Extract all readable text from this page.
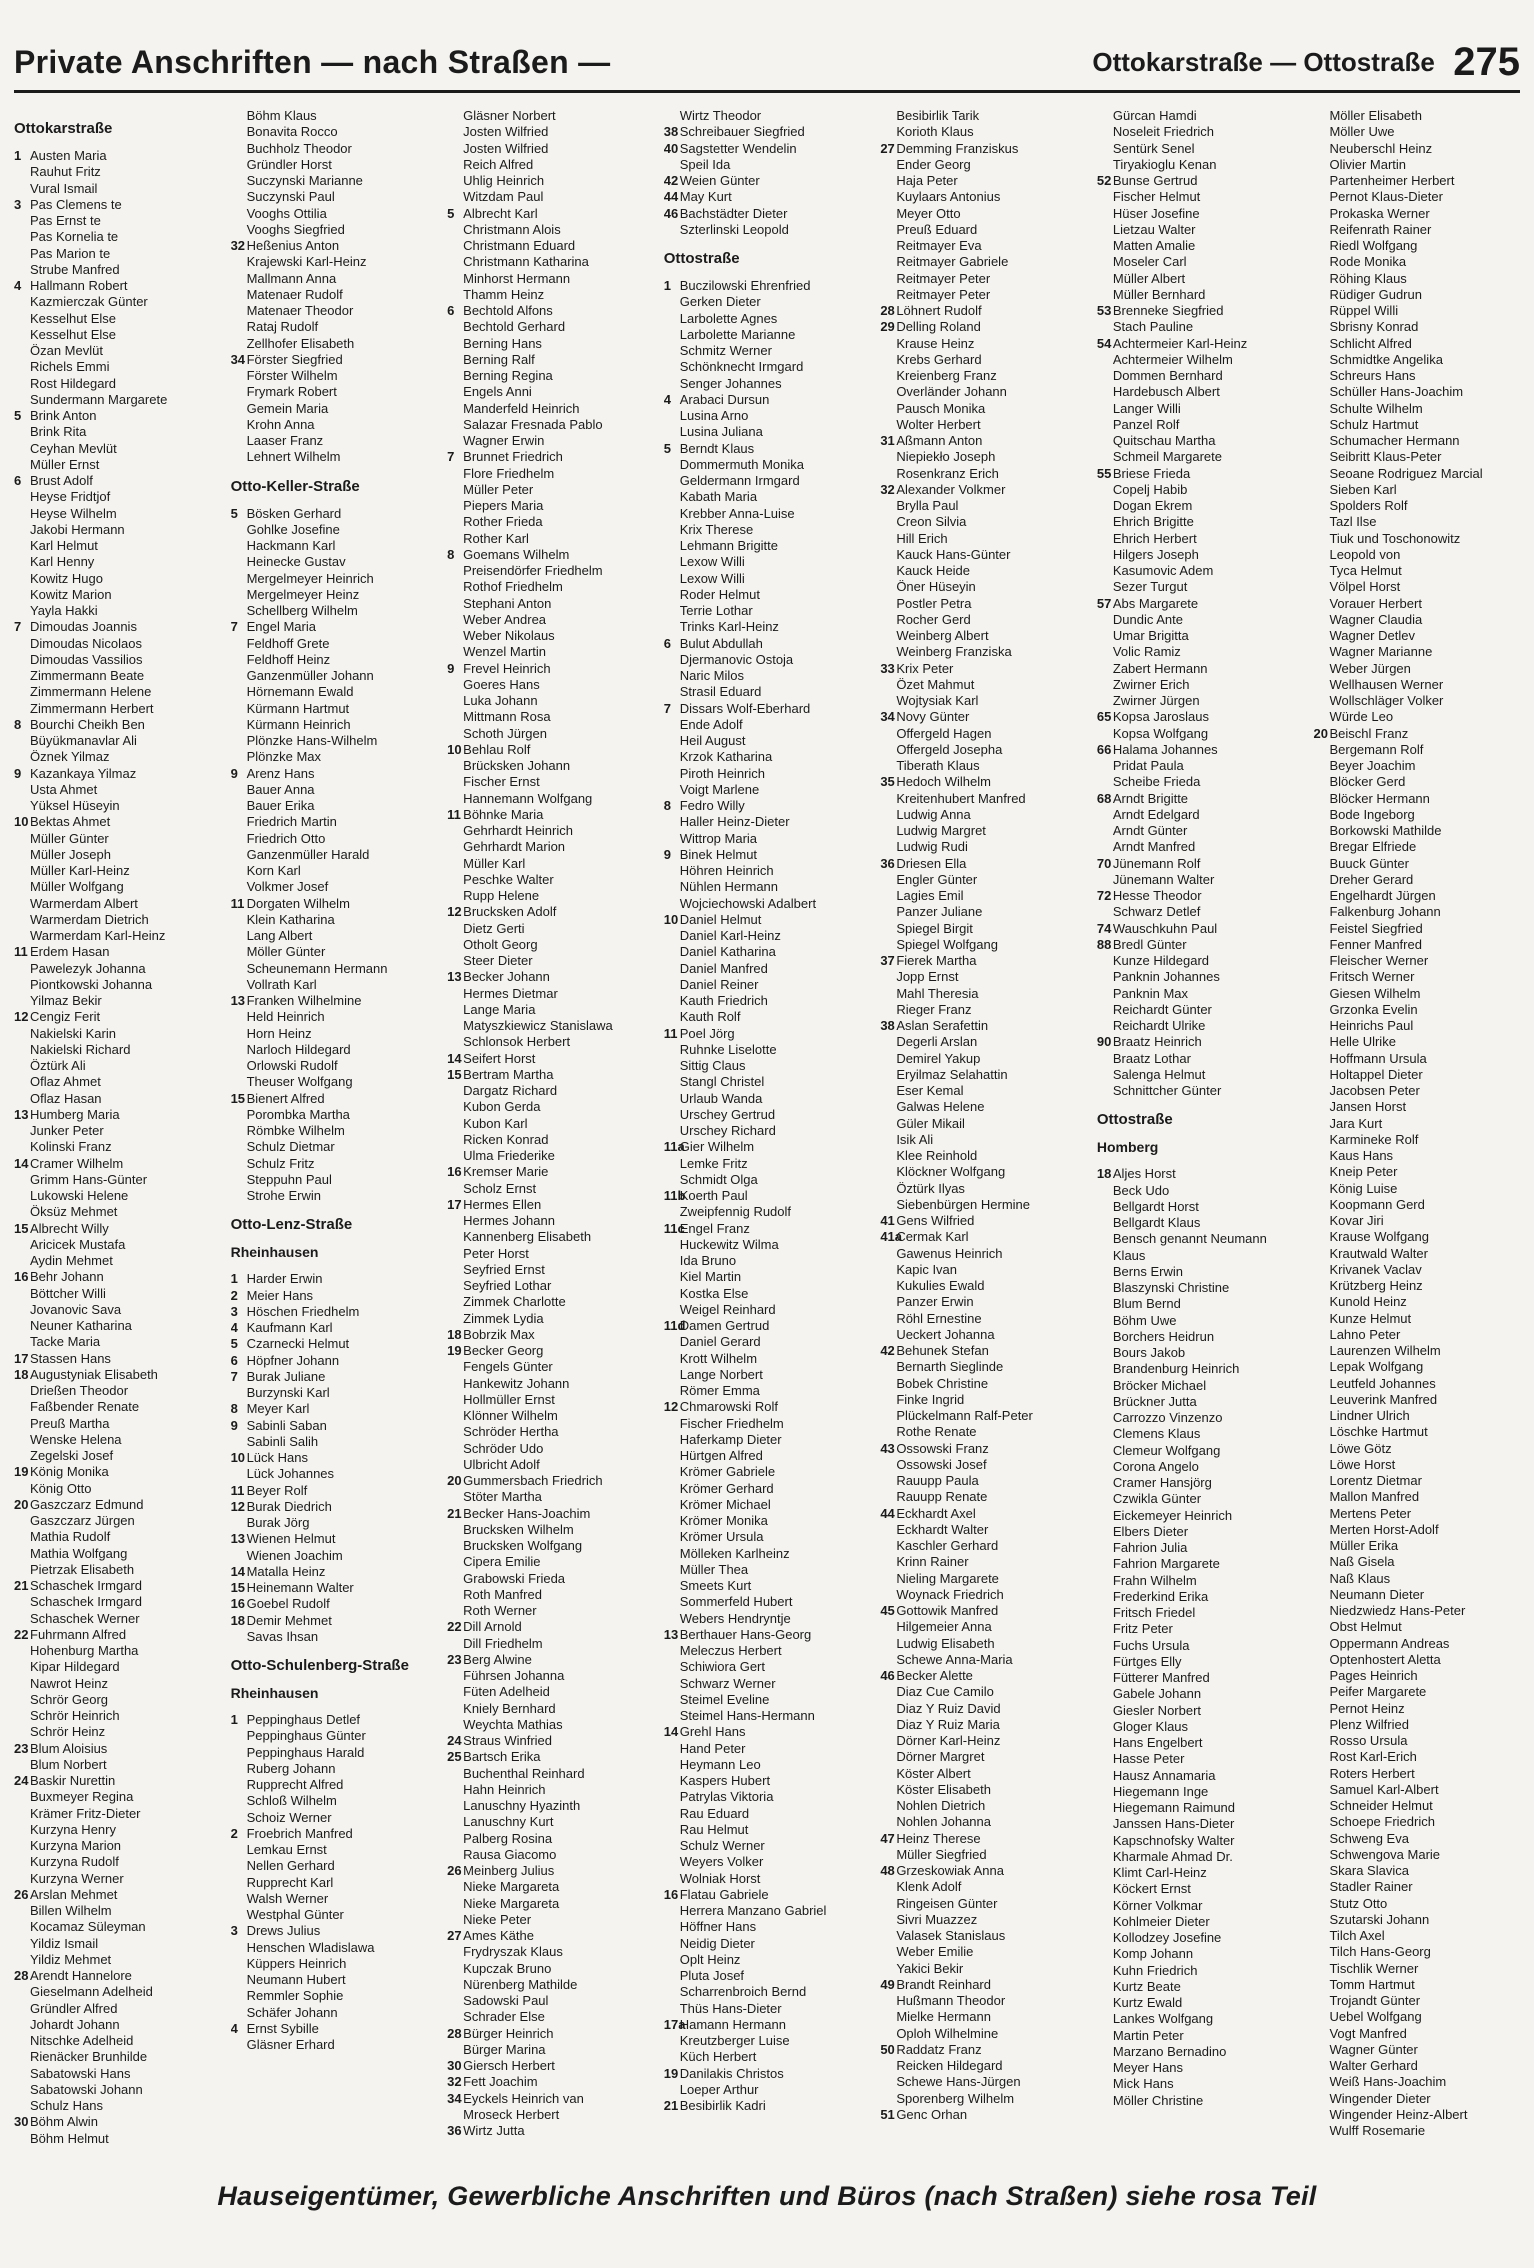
Private Anschriften — nach Straßen —	Ottokarstraße — Ottostraße 275
Ottokarstraße
1 Austen Maria
Rauhut Fritz
Vural Ismail
3 Pas Clemens te
Pas Ernst te
Pas Kornelia te
Pas Marion te
Strube Manfred
4 Hallmann Robert
Kazmierczak Günter
Kesselhut Else
Kesselhut Else
Özan Mevlüt
Richels Emmi
Rost Hildegard
Sundermann Margarete
5 Brink Anton
Brink Rita
Ceyhan Mevlüt
Müller Ernst
6 Brust Adolf
Heyse Fridtjof
Heyse Wilhelm
Jakobi Hermann
Karl Helmut
Karl Henny
Kowitz Hugo
Kowitz Marion
Yayla Hakki
7 Dimoudas Joannis
Dimoudas Nicolaos
Dimoudas Vassilios
Zimmermann Beate
Zimmermann Helene
Zimmermann Herbert
8 Bourchi Cheikh Ben
Büyükmanavlar Ali
Öznek Yilmaz
9 Kazankaya Yilmaz
Usta Ahmet
Yüksel Hüseyin
10 Bektas Ahmet
Müller Günter
Müller Joseph
Müller Karl-Heinz
Müller Wolfgang
Warmerdam Albert
Warmerdam Dietrich
Warmerdam Karl-Heinz
11 Erdem Hasan
Pawelezyk Johanna
Piontkowski Johanna
Yilmaz Bekir
12 Cengiz Ferit
Nakielski Karin
Nakielski Richard
Öztürk Ali
Oflaz Ahmet
Oflaz Hasan
13 Humberg Maria
Junker Peter
Kolinski Franz
14 Cramer Wilhelm
Grimm Hans-Günter
Lukowski Helene
Öksüz Mehmet
15 Albrecht Willy
Aricicek Mustafa
Aydin Mehmet
16 Behr Johann
Böttcher Willi
Jovanovic Sava
Neuner Katharina
Tacke Maria
17 Stassen Hans
18 Augustyniak Elisabeth
Drießen Theodor
Faßbender Renate
Preuß Martha
Wenske Helena
Zegelski Josef
19 König Monika
König Otto
20 Gaszczarz Edmund
Gaszczarz Jürgen
Mathia Rudolf
Mathia Wolfgang
Pietrzak Elisabeth
21 Schaschek Irmgard
Schaschek Irmgard
Schaschek Werner
22 Fuhrmann Alfred
Hohenburg Martha
Kipar Hildegard
Nawrot Heinz
Schrör Georg
Schrör Heinrich
Schrör Heinz
23 Blum Aloisius
Blum Norbert
24 Baskir Nurettin
Buxmeyer Regina
Krämer Fritz-Dieter
Kurzyna Henry
Kurzyna Marion
Kurzyna Rudolf
Kurzyna Werner
26 Arslan Mehmet
Billen Wilhelm
Kocamaz Süleyman
Yildiz Ismail
Yildiz Mehmet
28 Arendt Hannelore
Gieselmann Adelheid
Gründler Alfred
Johardt Johann
Nitschke Adelheid
Rienäcker Brunhilde
Sabatowski Hans
Sabatowski Johann
Schulz Hans
30 Böhm Alwin
Böhm Helmut
Böhm Klaus
Bonavita Rocco
Buchholz Theodor
Gründler Horst
Suczynski Marianne
Suczynski Paul
Vooghs Ottilia
Vooghs Siegfried
32 Heßenius Anton
Krajewski Karl-Heinz
Mallmann Anna
Matenaer Rudolf
Matenaer Theodor
Rataj Rudolf
Zellhofer Elisabeth
34 Förster Siegfried
Förster Wilhelm
Frymark Robert
Gemein Maria
Krohn Anna
Laaser Franz
Lehnert Wilhelm
Otto-Keller-Straße
5 Bösken Gerhard
Gohlke Josefine
Hackmann Karl
Heinecke Gustav
Mergelmeyer Heinrich
Mergelmeyer Heinz
Schellberg Wilhelm
7 Engel Maria
Feldhoff Grete
Feldhoff Heinz
Ganzenmüller Johann
Hörnemann Ewald
Kürmann Hartmut
Kürmann Heinrich
Plönzke Hans-Wilhelm
Plönzke Max
9 Arenz Hans
Bauer Anna
Bauer Erika
Friedrich Martin
Friedrich Otto
Ganzenmüller Harald
Korn Karl
Volkmer Josef
11 Dorgaten Wilhelm
Klein Katharina
Lang Albert
Möller Günter
Scheunemann Hermann
Vollrath Karl
13 Franken Wilhelmine
Held Heinrich
Horn Heinz
Narloch Hildegard
Orlowski Rudolf
Theuser Wolfgang
15 Bienert Alfred
Porombka Martha
Römbke Wilhelm
Schulz Dietmar
Schulz Fritz
Steppuhn Paul
Strohe Erwin
Otto-Lenz-Straße
Rheinhausen
1 Harder Erwin
2 Meier Hans
3 Höschen Friedhelm
4 Kaufmann Karl
5 Czarnecki Helmut
6 Höpfner Johann
7 Burak Juliane
Burzynski Karl
8 Meyer Karl
9 Sabinli Saban
Sabinli Salih
10 Lück Hans
Lück Johannes
11 Beyer Rolf
12 Burak Diedrich
Burak Jörg
13 Wienen Helmut
Wienen Joachim
14 Matalla Heinz
15 Heinemann Walter
16 Goebel Rudolf
18 Demir Mehmet
Savas Ihsan
Otto-Schulenberg-Straße
Rheinhausen
1 Peppinghaus Detlef
Peppinghaus Günter
Peppinghaus Harald
Ruberg Johann
Rupprecht Alfred
Schloß Wilhelm
Schoiz Werner
2 Froebrich Manfred
Lemkau Ernst
Nellen Gerhard
Rupprecht Karl
Walsh Werner
Westphal Günter
3 Drews Julius
Henschen Wladislawa
Küppers Heinrich
Neumann Hubert
Remmler Sophie
Schäfer Johann
4 Ernst Sybille
Gläsner Erhard
Gläsner Norbert
Josten Wilfried
Josten Wilfried
Reich Alfred
Uhlig Heinrich
Witzdam Paul
5 Albrecht Karl
Christmann Alois
Christmann Eduard
Christmann Katharina
Minhorst Hermann
Thamm Heinz
6 Bechtold Alfons
Bechtold Gerhard
Berning Hans
Berning Ralf
Berning Regina
Engels Anni
Manderfeld Heinrich
Salazar Fresnada Pablo
Wagner Erwin
7 Brunnet Friedrich
Flore Friedhelm
Müller Peter
Piepers Maria
Rother Frieda
Rother Karl
8 Goemans Wilhelm
Preisendörfer Friedhelm
Rothof Friedhelm
Stephani Anton
Weber Andrea
Weber Nikolaus
Wenzel Martin
9 Frevel Heinrich
Goeres Hans
Luka Johann
Mittmann Rosa
Schoth Jürgen
10 Behlau Rolf
Brücksken Johann
Fischer Ernst
Hannemann Wolfgang
11 Böhnke Maria
Gehrhardt Heinrich
Gehrhardt Marion
Müller Karl
Peschke Walter
Rupp Helene
12 Brucksken Adolf
Dietz Gerti
Otholt Georg
Steer Dieter
13 Becker Johann
Hermes Dietmar
Lange Maria
Matyszkiewicz Stanislawa
Schlonsok Herbert
14 Seifert Horst
15 Bertram Martha
Dargatz Richard
Kubon Gerda
Kubon Karl
Ricken Konrad
Ulma Friederike
16 Kremser Marie
Scholz Ernst
17 Hermes Ellen
Hermes Johann
Kannenberg Elisabeth
Peter Horst
Seyfried Ernst
Seyfried Lothar
Zimmek Charlotte
Zimmek Lydia
18 Bobrzik Max
19 Becker Georg
Fengels Günter
Hankewitz Johann
Hollmüller Ernst
Klönner Wilhelm
Schröder Hertha
Schröder Udo
Ulbricht Adolf
20 Gummersbach Friedrich
Stöter Martha
21 Becker Hans-Joachim
Brucksken Wilhelm
Brucksken Wolfgang
Cipera Emilie
Grabowski Frieda
Roth Manfred
Roth Werner
22 Dill Arnold
Dill Friedhelm
23 Berg Alwine
Führsen Johanna
Füten Adelheid
Kniely Bernhard
Weychta Mathias
24 Straus Winfried
25 Bartsch Erika
Buchenthal Reinhard
Hahn Heinrich
Lanuschny Hyazinth
Lanuschny Kurt
Palberg Rosina
Rausa Giacomo
26 Meinberg Julius
Nieke Margareta
Nieke Margareta
Nieke Peter
27 Ames Käthe
Frydryszak Klaus
Kupczak Bruno
Nürenberg Mathilde
Sadowski Paul
Schrader Else
28 Bürger Heinrich
Bürger Marina
30 Giersch Herbert
32 Fett Joachim
34 Eyckels Heinrich van
Mroseck Herbert
36 Wirtz Jutta
Wirtz Theodor
38 Schreibauer Siegfried
40 Sagstetter Wendelin
Speil Ida
42 Weien Günter
44 May Kurt
46 Bachstädter Dieter
Szterlinski Leopold
Ottostraße
1 Buczilowski Ehrenfried
Gerken Dieter
Larbolette Agnes
Larbolette Marianne
Schmitz Werner
Schönknecht Irmgard
Senger Johannes
4 Arabaci Dursun
Lusina Arno
Lusina Juliana
5 Berndt Klaus
Dommermuth Monika
Geldermann Irmgard
Kabath Maria
Krebber Anna-Luise
Krix Therese
Lehmann Brigitte
Lexow Willi
Lexow Willi
Roder Helmut
Terrie Lothar
Trinks Karl-Heinz
6 Bulut Abdullah
Djermanovic Ostoja
Naric Milos
Strasil Eduard
7 Dissars Wolf-Eberhard
Ende Adolf
Heil August
Krzok Katharina
Piroth Heinrich
Voigt Marlene
8 Fedro Willy
Haller Heinz-Dieter
Wittrop Maria
9 Binek Helmut
Höhren Heinrich
Nühlen Hermann
Wojciechowski Adalbert
10 Daniel Helmut
Daniel Karl-Heinz
Daniel Katharina
Daniel Manfred
Daniel Reiner
Kauth Friedrich
Kauth Rolf
11 Poel Jörg
Ruhnke Liselotte
Sittig Claus
Stangl Christel
Urlaub Wanda
Urschey Gertrud
Urschey Richard
11a
Gier Wilhelm
Lemke Fritz
Schmidt Olga
11b
Koerth Paul
Zweipfennig Rudolf
11c
Engel Franz
Huckewitz Wilma
Ida Bruno
Kiel Martin
Kostka Else
Weigel Reinhard
11d
Damen Gertrud
Daniel Gerard
Krott Wilhelm
Lange Norbert
Römer Emma
12 Chmarowski Rolf
Fischer Friedhelm
Haferkamp Dieter
Hürtgen Alfred
Krömer Gabriele
Krömer Gerhard
Krömer Michael
Krömer Monika
Krömer Ursula
Mölleken Karlheinz
Müller Thea
Smeets Kurt
Sommerfeld Hubert
Webers Hendryntje
13 Berthauer Hans-Georg
Meleczus Herbert
Schiwiora Gert
Schwarz Werner
Steimel Eveline
Steimel Hans-Hermann
14 Grehl Hans
Hand Peter
Heymann Leo
Kaspers Hubert
Patrylas Viktoria
Rau Eduard
Rau Helmut
Schulz Werner
Weyers Volker
Wolniak Horst
16 Flatau Gabriele
Herrera Manzano Gabriel
Höffner Hans
Neidig Dieter
Oplt Heinz
Pluta Josef
Scharrenbroich Bernd
Thüs Hans-Dieter
17a
Hamann Hermann
Kreutzberger Luise
Küch Herbert
19 Danilakis Christos
Loeper Arthur
21 Besibirlik Kadri
Besibirlik Tarik
Korioth Klaus
27 Demming Franziskus
Ender Georg
Haja Peter
Kuylaars Antonius
Meyer Otto
Preuß Eduard
Reitmayer Eva
Reitmayer Gabriele
Reitmayer Peter
Reitmayer Peter
28 Löhnert Rudolf
29 Delling Roland
Krause Heinz
Krebs Gerhard
Kreienberg Franz
Overländer Johann
Pausch Monika
Wolter Herbert
31 Aßmann Anton
Niepiekło Joseph
Rosenkranz Erich
32 Alexander Volkmer
Brylla Paul
Creon Silvia
Hill Erich
Kauck Hans-Günter
Kauck Heide
Öner Hüseyin
Postler Petra
Rocher Gerd
Weinberg Albert
Weinberg Franziska
33 Krix Peter
Özet Mahmut
Wojtysiak Karl
34 Novy Günter
Offergeld Hagen
Offergeld Josepha
Tiberath Klaus
35 Hedoch Wilhelm
Kreitenhubert Manfred
Ludwig Anna
Ludwig Margret
Ludwig Rudi
36 Driesen Ella
Engler Günter
Lagies Emil
Panzer Juliane
Spiegel Birgit
Spiegel Wolfgang
37 Fierek Martha
Jopp Ernst
Mahl Theresia
Rieger Franz
38 Aslan Serafettin
Degerli Arslan
Demirel Yakup
Eryilmaz Selahattin
Eser Kemal
Galwas Helene
Güler Mikail
Isik Ali
Klee Reinhold
Klöckner Wolfgang
Öztürk Ilyas
Siebenbürgen Hermine
41 Gens Wilfried
41a
Cermak Karl
Gawenus Heinrich
Kapic Ivan
Kukulies Ewald
Panzer Erwin
Röhl Ernestine
Ueckert Johanna
42 Behunek Stefan
Bernarth Sieglinde
Bobek Christine
Finke Ingrid
Plückelmann Ralf-Peter
Rothe Renate
43 Ossowski Franz
Ossowski Josef
Rauupp Paula
Rauupp Renate
44 Eckhardt Axel
Eckhardt Walter
Kaschler Gerhard
Krinn Rainer
Nieling Margarete
Woynack Friedrich
45 Gottowik Manfred
Hilgemeier Anna
Ludwig Elisabeth
Schewe Anna-Maria
46 Becker Alette
Diaz Cue Camilo
Diaz Y Ruiz David
Diaz Y Ruiz Maria
Dörner Karl-Heinz
Dörner Margret
Köster Albert
Köster Elisabeth
Nohlen Dietrich
Nohlen Johanna
47 Heinz Therese
Müller Siegfried
48 Grzeskowiak Anna
Klenk Adolf
Ringeisen Günter
Sivri Muazzez
Valasek Stanislaus
Weber Emilie
Yakici Bekir
49 Brandt Reinhard
Hußmann Theodor
Mielke Hermann
Oploh Wilhelmine
50 Raddatz Franz
Reicken Hildegard
Schewe Hans-Jürgen
Sporenberg Wilhelm
51 Genc Orhan
Gürcan Hamdi
Noseleit Friedrich
Sentürk Senel
Tiryakioglu Kenan
52 Bunse Gertrud
Fischer Helmut
Hüser Josefine
Lietzau Walter
Matten Amalie
Moseler Carl
Müller Albert
Müller Bernhard
53 Brenneke Siegfried
Stach Pauline
54 Achtermeier Karl-Heinz
Achtermeier Wilhelm
Dommen Bernhard
Hardebusch Albert
Langer Willi
Panzel Rolf
Quitschau Martha
Schmeil Margarete
55 Briese Frieda
Copelj Habib
Dogan Ekrem
Ehrich Brigitte
Ehrich Herbert
Hilgers Joseph
Kasumovic Adem
Sezer Turgut
57 Abs Margarete
Dundic Ante
Umar Brigitta
Volic Ramiz
Zabert Hermann
Zwirner Erich
Zwirner Jürgen
65 Kopsa Jaroslaus
Kopsa Wolfgang
66 Halama Johannes
Pridat Paula
Scheibe Frieda
68 Arndt Brigitte
Arndt Edelgard
Arndt Günter
Arndt Manfred
70 Jünemann Rolf
Jünemann Walter
72 Hesse Theodor
Schwarz Detlef
74 Wauschkuhn Paul
88 Bredl Günter
Kunze Hildegard
Panknin Johannes
Panknin Max
Reichardt Günter
Reichardt Ulrike
90 Braatz Heinrich
Braatz Lothar
Salenga Helmut
Schnittcher Günter
Ottostraße
Homberg
18 Aljes Horst
Beck Udo
Bellgardt Horst
Bellgardt Klaus
Bensch genannt Neumann
Klaus
Berns Erwin
Blaszynski Christine
Blum Bernd
Böhm Uwe
Borchers Heidrun
Bours Jakob
Brandenburg Heinrich
Bröcker Michael
Brückner Jutta
Carrozzo Vinzenzo
Clemens Klaus
Clemeur Wolfgang
Corona Angelo
Cramer Hansjörg
Czwikla Günter
Eickemeyer Heinrich
Elbers Dieter
Fahrion Julia
Fahrion Margarete
Frahn Wilhelm
Frederkind Erika
Fritsch Friedel
Fritz Peter
Fuchs Ursula
Fürtges Elly
Fütterer Manfred
Gabele Johann
Giesler Norbert
Gloger Klaus
Hans Engelbert
Hasse Peter
Hausz Annamaria
Hiegemann Inge
Hiegemann Raimund
Janssen Hans-Dieter
Kapschnofsky Walter
Kharmale Ahmad Dr.
Klimt Carl-Heinz
Köckert Ernst
Körner Volkmar
Kohlmeier Dieter
Kollodzey Josefine
Komp Johann
Kuhn Friedrich
Kurtz Beate
Kurtz Ewald
Lankes Wolfgang
Martin Peter
Marzano Bernadino
Meyer Hans
Mick Hans
Möller Christine
Möller Elisabeth
Möller Uwe
Neuberschl Heinz
Olivier Martin
Partenheimer Herbert
Pernot Klaus-Dieter
Prokaska Werner
Reifenrath Rainer
Riedl Wolfgang
Rode Monika
Röhing Klaus
Rüdiger Gudrun
Rüppel Willi
Sbrisny Konrad
Schlicht Alfred
Schmidtke Angelika
Schreurs Hans
Schüller Hans-Joachim
Schulte Wilhelm
Schulz Hartmut
Schumacher Hermann
Seibritt Klaus-Peter
Seoane Rodriguez Marcial
Sieben Karl
Spolders Rolf
Tazl Ilse
Tiuk und Toschonowitz
Leopold von
Tyca Helmut
Völpel Horst
Vorauer Herbert
Wagner Claudia
Wagner Detlev
Wagner Marianne
Weber Jürgen
Wellhausen Werner
Wollschläger Volker
Würde Leo
20 Beischl Franz
Bergemann Rolf
Beyer Joachim
Blöcker Gerd
Blöcker Hermann
Bode Ingeborg
Borkowski Mathilde
Bregar Elfriede
Buuck Günter
Dreher Gerard
Engelhardt Jürgen
Falkenburg Johann
Feistel Siegfried
Fenner Manfred
Fleischer Werner
Fritsch Werner
Giesen Wilhelm
Grzonka Evelin
Heinrichs Paul
Helle Ulrike
Hoffmann Ursula
Holtappel Dieter
Jacobsen Peter
Jansen Horst
Jara Kurt
Karmineke Rolf
Kaus Hans
Kneip Peter
König Luise
Koopmann Gerd
Kovar Jiri
Krause Wolfgang
Krautwald Walter
Krivanek Vaclav
Krützberg Heinz
Kunold Heinz
Kunze Helmut
Lahno Peter
Laurenzen Wilhelm
Lepak Wolfgang
Leutfeld Johannes
Leuverink Manfred
Lindner Ulrich
Löschke Hartmut
Löwe Götz
Löwe Horst
Lorentz Dietmar
Mallon Manfred
Mertens Peter
Merten Horst-Adolf
Müller Erika
Naß Gisela
Naß Klaus
Neumann Dieter
Niedzwiedz Hans-Peter
Obst Helmut
Oppermann Andreas
Optenhostert Aletta
Pages Heinrich
Peifer Margarete
Pernot Heinz
Plenz Wilfried
Rosso Ursula
Rost Karl-Erich
Roters Herbert
Samuel Karl-Albert
Schneider Helmut
Schoepe Friedrich
Schweng Eva
Schwengova Marie
Skara Slavica
Stadler Rainer
Stutz Otto
Szutarski Johann
Tilch Axel
Tilch Hans-Georg
Tischlik Werner
Tomm Hartmut
Trojandt Günter
Uebel Wolfgang
Vogt Manfred
Wagner Günter
Walter Gerhard
Weiß Hans-Joachim
Wingender Dieter
Wingender Heinz-Albert
Wulff Rosemarie
Hauseigentümer, Gewerbliche Anschriften und Büros (nach Straßen) siehe rosa Teil
